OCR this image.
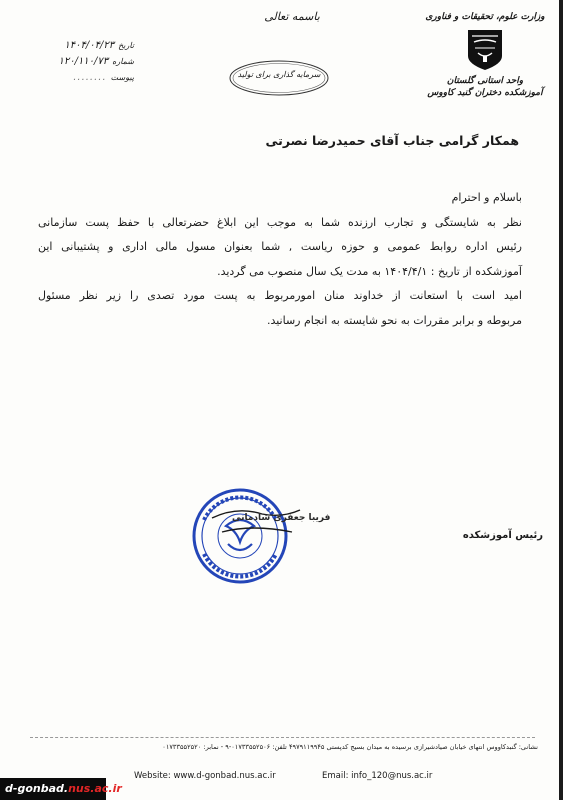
باسمه تعالی
تاریخ
۱۴۰۴/۰۴/۲۳
شماره
۱۲۰/۱۱۰/۷۳
پیوست
........	سرمایه گذاری برای تولید
وزارت علوم، تحقیقات و فناوری
واحد استانی گلستان
آموزشکده دختران گنبد کاووس
همکار گرامی جناب آقای حمیدرضا نصرتی

باسلام و احترام

نظر به شایستگی و تجارب ارزنده شما به موجب این ابلاغ حضرتعالی با حفظ پست سازمانی

رئیس اداره روابط عمومی و حوزه ریاست , شما بعنوان مسول مالی اداری و پشتیبانی این

آموزشکده از تاریخ : ۱۴۰۴/۴/۱ به مدت یک سال منصوب می گردید.

امید است با استعانت از خداوند منان امورمربوط به پست مورد تصدی را زیر نظر مسئول

مربوطه و برابر مقررات به نحو شایسته به انجام رسانید.

فریبا جعفری شادمانی
رئیس آموزشکده
نشانی: گنبدکاووس انتهای خیابان صیادشیرازی برسیده به میدان بسیج کدپستی ۴۹۷۹۱۱۹۹۴۵ تلفن: ۰۱۷۳۳۵۵۲۵۰۶-۹ - نمابر: ۰۱۷۳۳۵۵۲۵۲۰
Website: www.d-gonbad.nus.ac.ir	Email: info_120@nus.ac.ir
d-gonbad.nus.ac.ir
